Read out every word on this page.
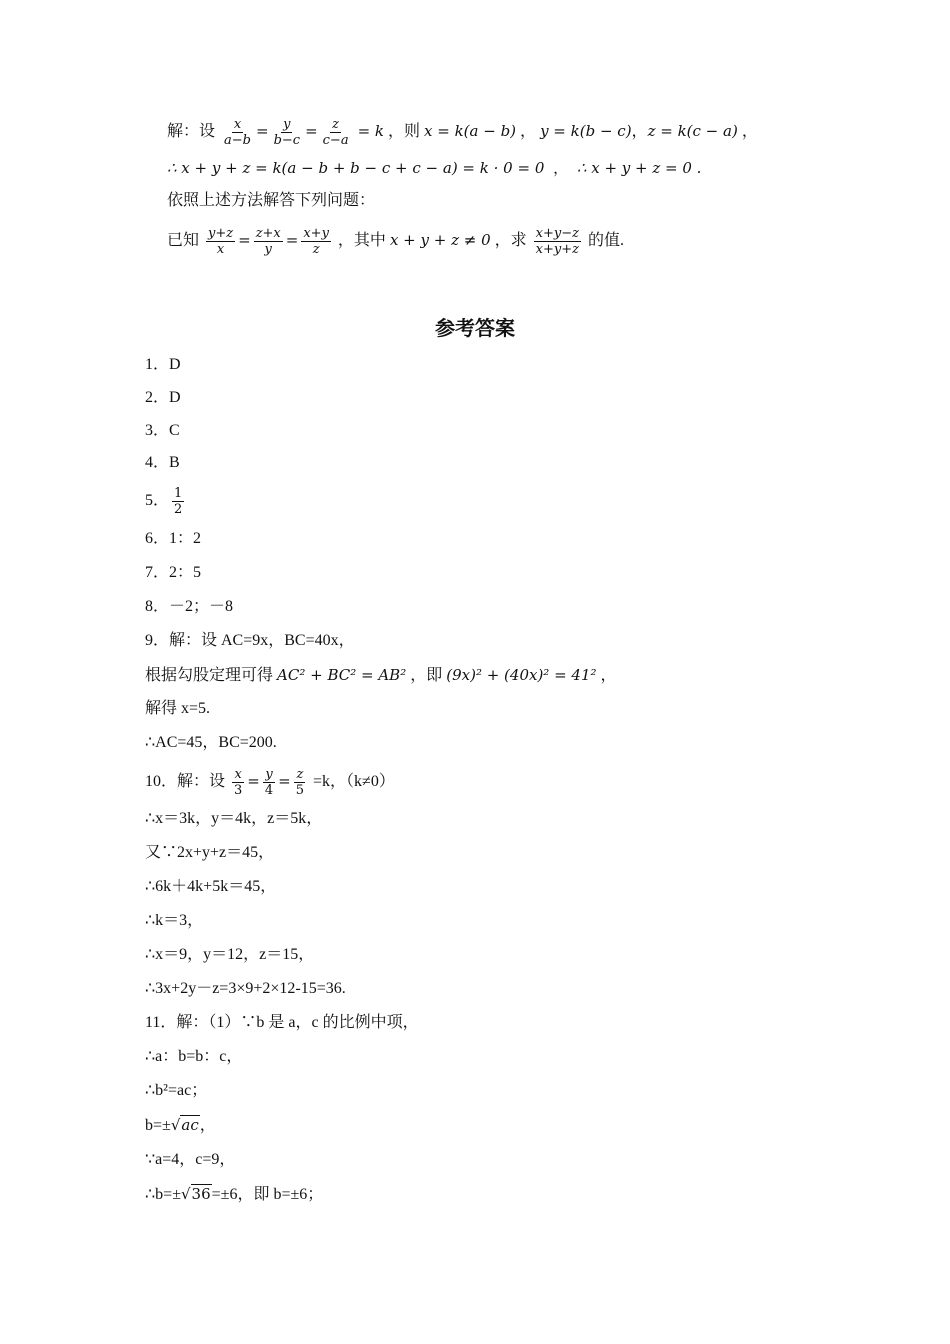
解：设 $\frac{x}{a-b} = \frac{y}{b-c} = \frac{z}{c-a} = k$ ，则 x = k(a − b) ， y = k(b − c)，z = k(c − a) ，
∴ x + y + z = k(a − b + b − c + c − a) = k · 0 = 0  ，  ∴ x + y + z = 0 .
依照上述方法解答下列问题：
已知 $\frac{y+z}{x} = \frac{z+x}{y} = \frac{x+y}{z}$ ，其中 x + y + z ≠ 0 ，求 $\frac{x+y-z}{x+y+z}$ 的值.
参考答案
1．D
2．D
3．C
4．B
5． $\frac{1}{2}$
6．1：2
7．2：5
8．－2；－8
9．解：设 AC=9x，BC=40x，
根据勾股定理可得 AC² + BC² = AB² ，即 (9x)² + (40x)² = 41² ，
解得 x=5.
∴AC=45，BC=200.
10．解：设 $\frac{x}{3} = \frac{y}{4} = \frac{z}{5} =k$，（k≠0）
∴x＝3k，y＝4k，z＝5k，
又∵2x+y+z＝45，
∴6k＋4k+5k＝45，
∴k＝3，
∴x＝9，y＝12，z＝15，
∴3x+2y－z=3×9+2×12-15=36.
11．解：（1）∵b 是 a，c 的比例中项，
∴a：b=b：c，
∴b²=ac；
b=±√ac，
∵a=4，c=9，
∴b=±√36=±6，即 b=±6；
